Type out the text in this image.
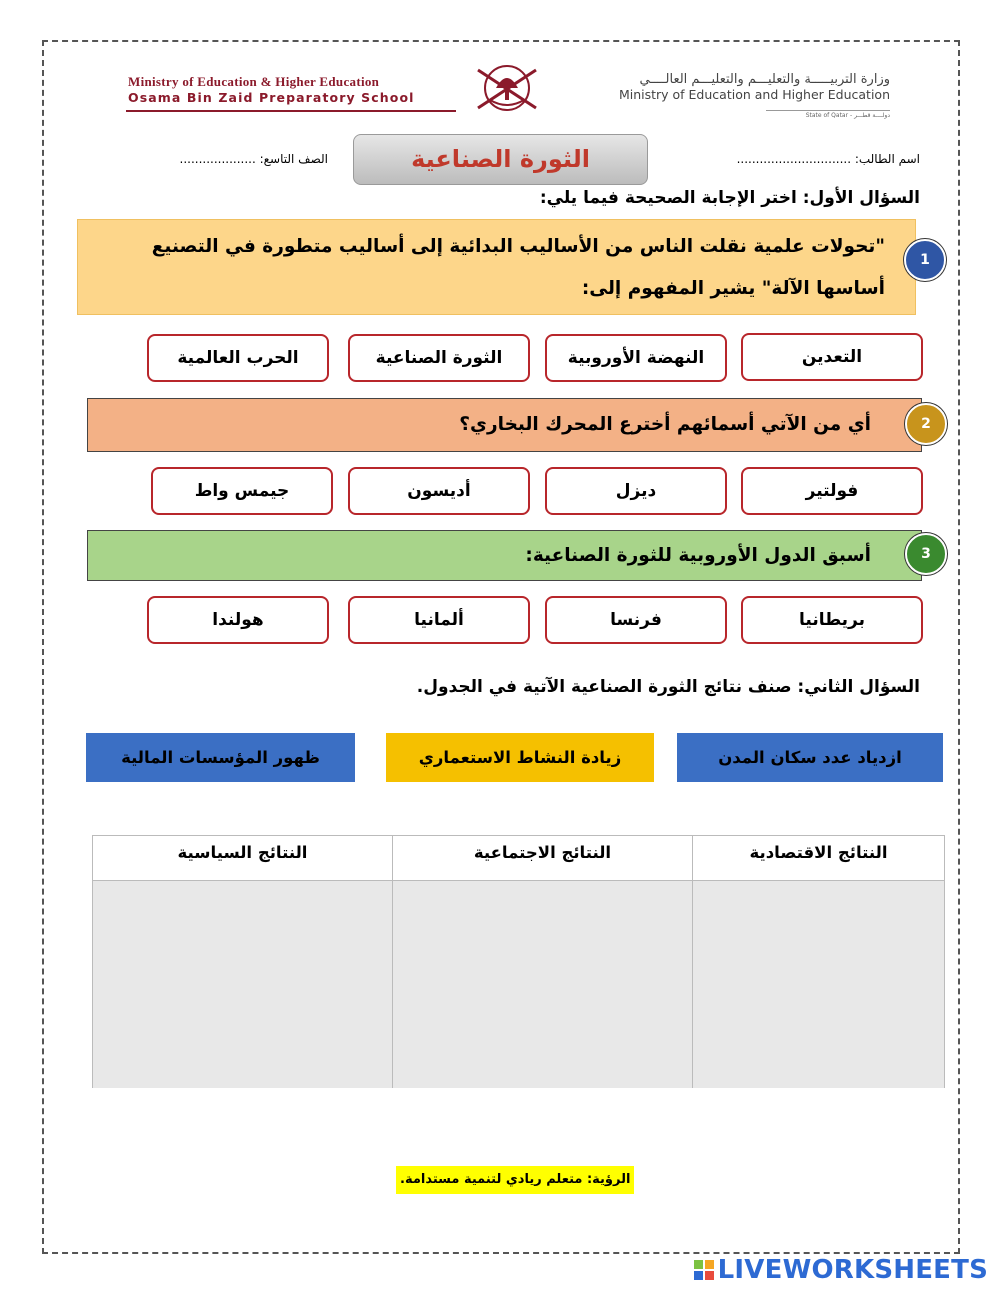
Ministry of Education & Higher Education
Osama Bin Zaid Preparatory School
وزارة التربيـــــة والتعليـــم والتعليـــم العالــــي
Ministry of Education and Higher Education
State of Qatar - دولــــة قطـــر
اسم الطالب: ..............................
الثورة الصناعية
الصف التاسع: ....................
السؤال الأول: اختر الإجابة الصحيحة فيما يلي:
"تحولات علمية نقلت الناس من الأساليب البدائية إلى أساليب متطورة في التصنيع
أساسها الآلة" يشير المفهوم إلى:
1
التعدين
النهضة الأوروبية
الثورة الصناعية
الحرب العالمية
أي من الآتي أسمائهم أخترع المحرك البخاري؟	2
فولتير
ديزل
أديسون
جيمس واط
أسبق الدول الأوروبية للثورة الصناعية:	3
بريطانيا
فرنسا
ألمانيا
هولندا
السؤال الثاني: صنف نتائج الثورة الصناعية الآتية في الجدول.
ازدياد عدد سكان المدن
زيادة النشاط الاستعماري
ظهور المؤسسات المالية
النتائج الاقتصادية
النتائج الاجتماعية
النتائج السياسية
الرؤية: متعلم ريادي لتنمية مستدامة.
LIVEWORKSHEETS
